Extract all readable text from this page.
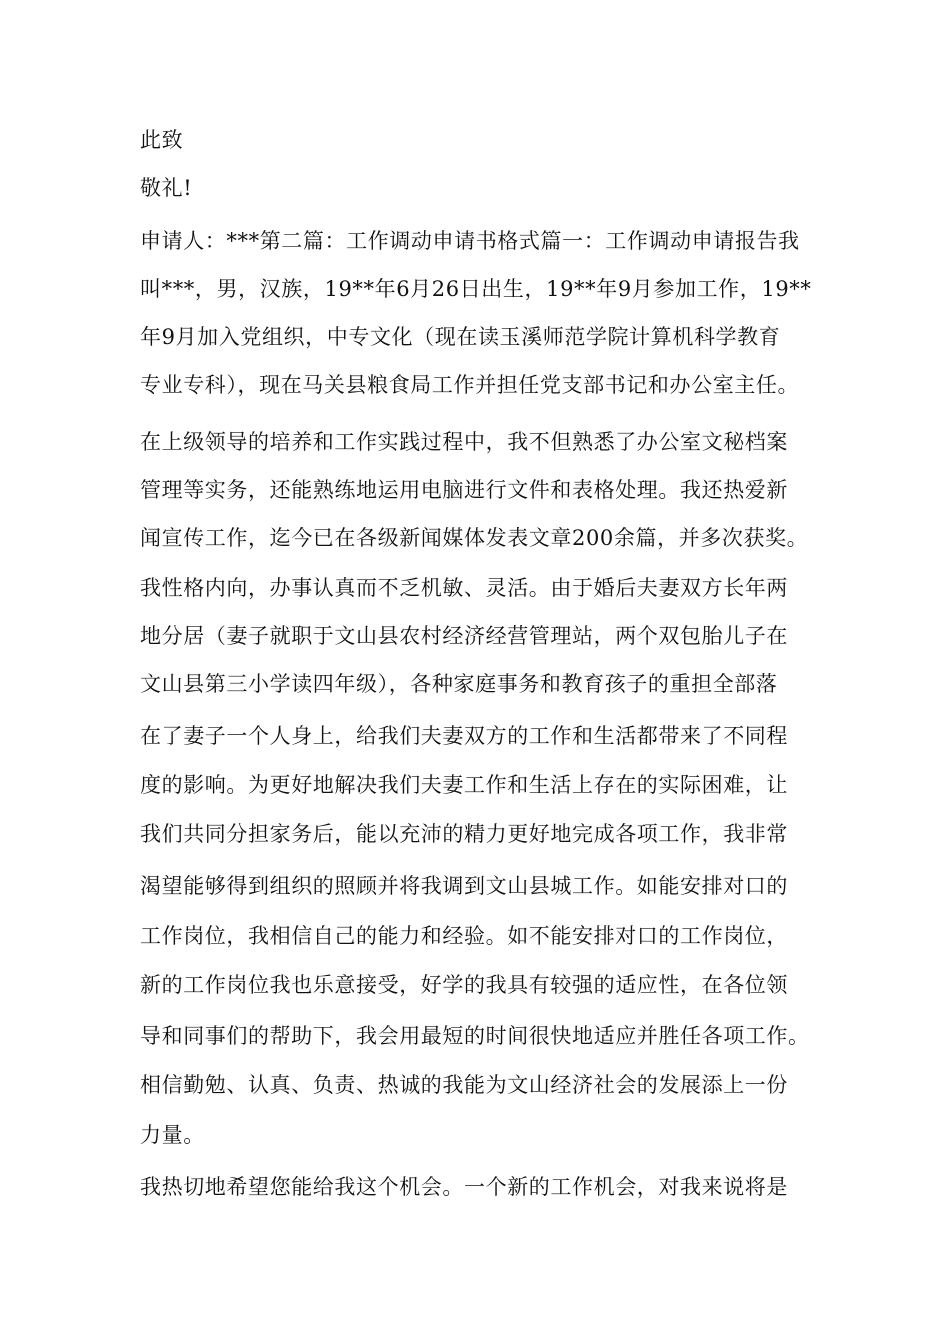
此致
敬礼!
申请人：***第二篇：工作调动申请书格式篇一：工作调动申请报告我
叫***，男，汉族，19**年6月26日出生，19**年9月参加工作，19**
年9月加入党组织，中专文化（现在读玉溪师范学院计算机科学教育
专业专科），现在马关县粮食局工作并担任党支部书记和办公室主任。
在上级领导的培养和工作实践过程中，我不但熟悉了办公室文秘档案
管理等实务，还能熟练地运用电脑进行文件和表格处理。我还热爱新
闻宣传工作，迄今已在各级新闻媒体发表文章200余篇，并多次获奖。
我性格内向，办事认真而不乏机敏、灵活。由于婚后夫妻双方长年两
地分居（妻子就职于文山县农村经济经营管理站，两个双包胎儿子在
文山县第三小学读四年级），各种家庭事务和教育孩子的重担全部落
在了妻子一个人身上，给我们夫妻双方的工作和生活都带来了不同程
度的影响。为更好地解决我们夫妻工作和生活上存在的实际困难，让
我们共同分担家务后，能以充沛的精力更好地完成各项工作，我非常
渴望能够得到组织的照顾并将我调到文山县城工作。如能安排对口的
工作岗位，我相信自己的能力和经验。如不能安排对口的工作岗位，
新的工作岗位我也乐意接受，好学的我具有较强的适应性，在各位领
导和同事们的帮助下，我会用最短的时间很快地适应并胜任各项工作。
相信勤勉、认真、负责、热诚的我能为文山经济社会的发展添上一份
力量。
我热切地希望您能给我这个机会。一个新的工作机会，对我来说将是
